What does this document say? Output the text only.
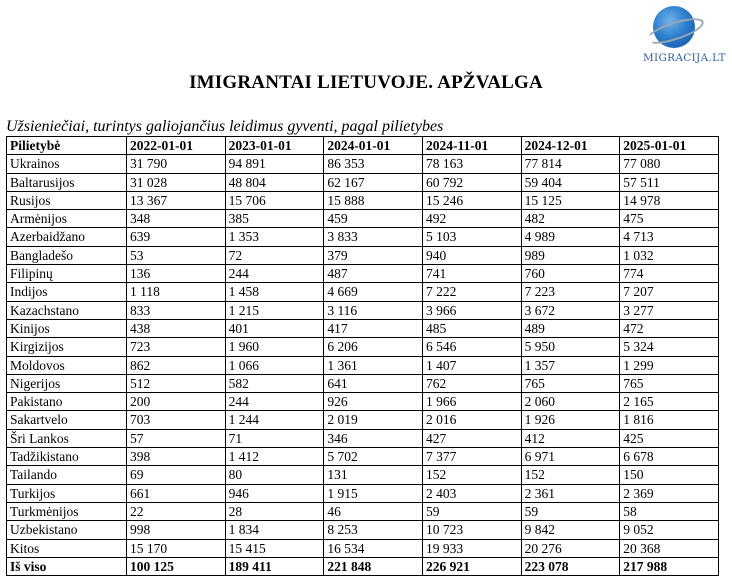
MIGRACIJA.LT
IMIGRANTAI LIETUVOJE. APŽVALGA
Užsieniečiai, turintys galiojančius leidimus gyventi, pagal pilietybes
Pilietybė	2022-01-01	2023-01-01	2024-01-01	2024-11-01	2024-12-01	2025-01-01
Ukrainos	31 790	94 891	86 353	78 163	77 814	77 080
Baltarusijos	31 028	48 804	62 167	60 792	59 404	57 511
Rusijos	13 367	15 706	15 888	15 246	15 125	14 978
Armėnijos	348	385	459	492	482	475
Azerbaidžano	639	1 353	3 833	5 103	4 989	4 713
Bangladešo	53	72	379	940	989	1 032
Filipinų	136	244	487	741	760	774
Indijos	1 118	1 458	4 669	7 222	7 223	7 207
Kazachstano	833	1 215	3 116	3 966	3 672	3 277
Kinijos	438	401	417	485	489	472
Kirgizijos	723	1 960	6 206	6 546	5 950	5 324
Moldovos	862	1 066	1 361	1 407	1 357	1 299
Nigerijos	512	582	641	762	765	765
Pakistano	200	244	926	1 966	2 060	2 165
Sakartvelo	703	1 244	2 019	2 016	1 926	1 816
Šri Lankos	57	71	346	427	412	425
Tadžikistano	398	1 412	5 702	7 377	6 971	6 678
Tailando	69	80	131	152	152	150
Turkijos	661	946	1 915	2 403	2 361	2 369
Turkmėnijos	22	28	46	59	59	58
Uzbekistano	998	1 834	8 253	10 723	9 842	9 052
Kitos	15 170	15 415	16 534	19 933	20 276	20 368
Iš viso	100 125	189 411	221 848	226 921	223 078	217 988
